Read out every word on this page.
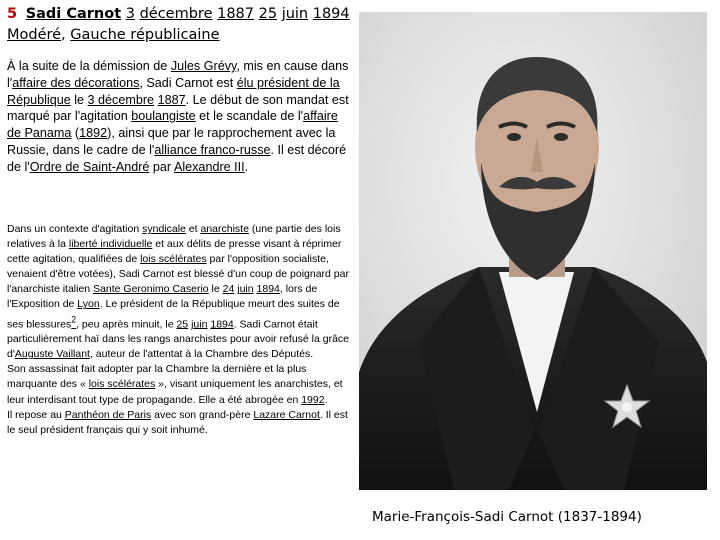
5 Sadi Carnot 3 décembre 1887 25 juin 1894
Modéré, Gauche républicaine

À la suite de la démission de Jules Grévy, mis en cause dans l'affaire des décorations, Sadi Carnot est élu président de la République le 3 décembre 1887. Le début de son mandat est marqué par l'agitation boulangiste et le scandale de l'affaire de Panama (1892), ainsi que par le rapprochement avec la Russie, dans le cadre de l'alliance franco-russe. Il est décoré de l'Ordre de Saint-André par Alexandre III.

Dans un contexte d'agitation syndicale et anarchiste (une partie des lois relatives à la liberté individuelle et aux délits de presse visant à réprimer cette agitation, qualifiées de lois scélérates par l'opposition socialiste, venaient d'être votées), Sadi Carnot est blessé d'un coup de poignard par l'anarchiste italien Sante Geronimo Caserio le 24 juin 1894, lors de l'Exposition de Lyon. Le président de la République meurt des suites de ses blessures$^2$, peu après minuit, le 25 juin 1894. Sadi Carnot était particulièrement haï dans les rangs anarchistes pour avoir refusé la grâce d'Auguste Vaillant, auteur de l'attentat à la Chambre des Députés.
Son assassinat fait adopter par la Chambre la dernière et la plus marquante des « lois scélérates », visant uniquement les anarchistes, et leur interdisant tout type de propagande. Elle a été abrogée en 1992.
Il repose au Panthéon de Paris avec son grand-père Lazare Carnot. Il est le seul président français qui y soit inhumé.

Marie-François-Sadi Carnot (1837-1894)
